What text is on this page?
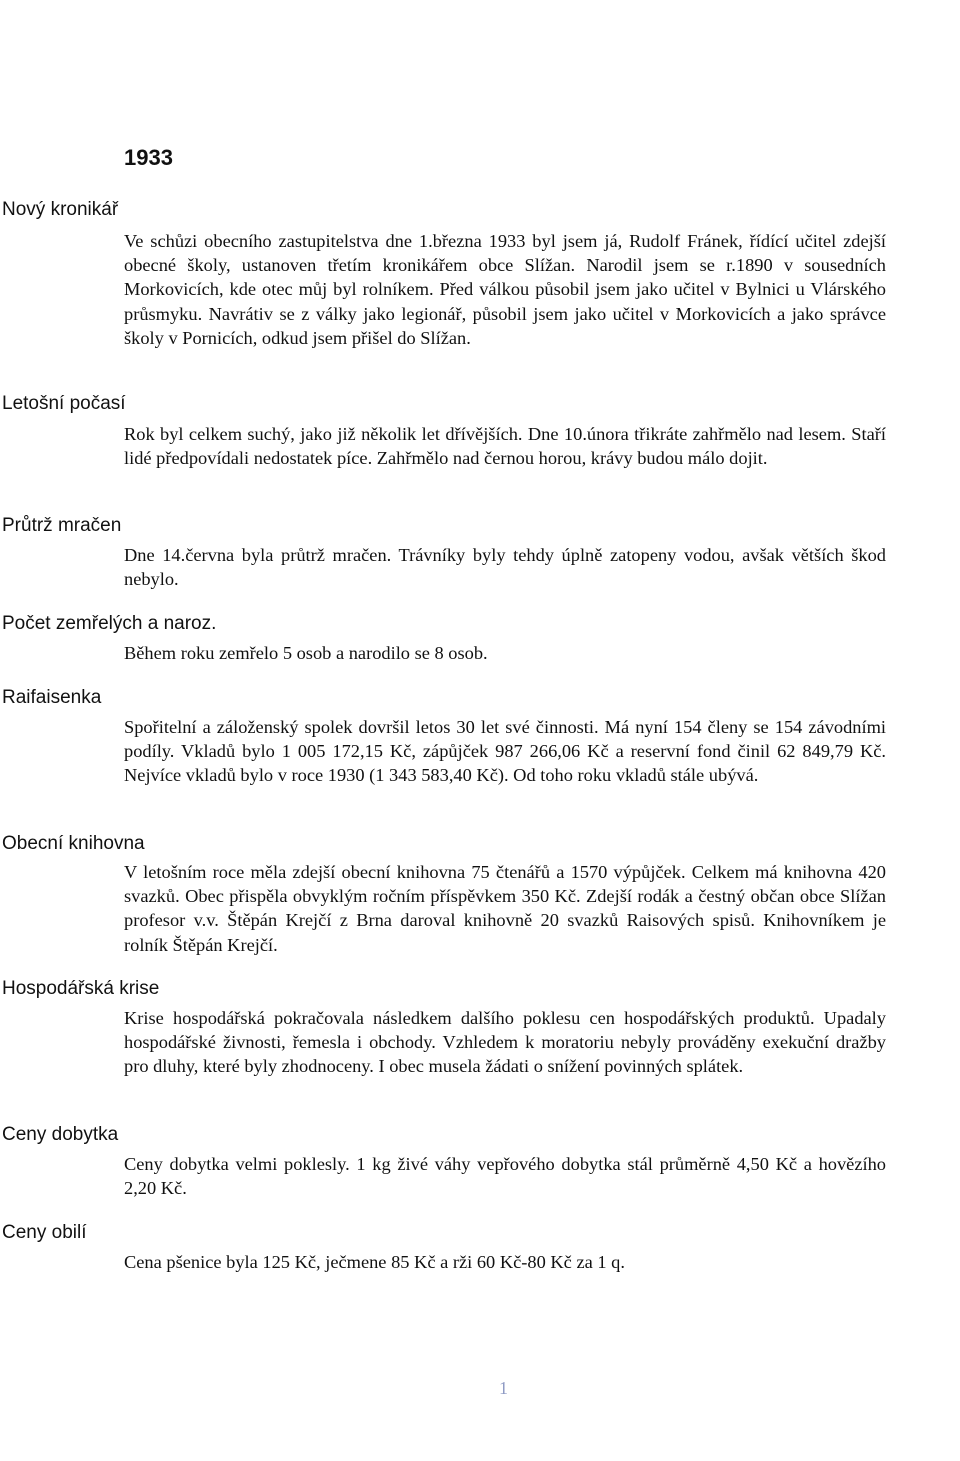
1933
Nový kronikář

Ve schůzi obecního zastupitelstva dne 1.března 1933 byl jsem já, Rudolf Fránek, řídící učitel zdejší obecné školy, ustanoven třetím kronikářem obce Slížan. Narodil jsem se r.1890 v sousedních Morkovicích, kde otec můj byl rolníkem. Před válkou působil jsem jako učitel v Bylnici u Vlárského průsmyku. Navrátiv se z války jako legionář, působil jsem jako učitel v Morkovicích a jako správce školy v Pornicích, odkud jsem přišel do Slížan.

Letošní počasí

Rok byl celkem suchý, jako již několik let dřívějších. Dne 10.února třikráte zahřmělo nad lesem. Staří lidé předpovídali nedostatek píce. Zahřmělo nad černou horou, krávy budou málo dojit.

Průtrž mračen

Dne 14.června byla průtrž mračen. Trávníky byly tehdy úplně zatopeny vodou, avšak větších škod nebylo.

Počet zemřelých a naroz.

Během roku zemřelo 5 osob a narodilo se 8 osob.

Raifaisenka

Spořitelní a záloženský spolek dovršil letos 30 let své činnosti. Má nyní 154 členy se 154 závodními podíly. Vkladů bylo 1 005 172,15 Kč, zápůjček 987 266,06 Kč a reservní fond činil 62 849,79 Kč. Nejvíce vkladů bylo v roce 1930 (1 343 583,40 Kč). Od toho roku vkladů stále ubývá.

Obecní knihovna

V letošním roce měla zdejší obecní knihovna 75 čtenářů a 1570 výpůjček. Celkem má knihovna 420 svazků. Obec přispěla obvyklým ročním příspěvkem 350 Kč. Zdejší rodák a čestný občan obce Slížan profesor v.v. Štěpán Krejčí z Brna daroval knihovně 20 svazků Raisových spisů. Knihovníkem je rolník Štěpán Krejčí.

Hospodářská krise

Krise hospodářská pokračovala následkem dalšího poklesu cen hospodářských produktů. Upadaly hospodářské živnosti, řemesla i obchody. Vzhledem k moratoriu nebyly prováděny exekuční dražby pro dluhy, které byly zhodnoceny. I obec musela žádati o snížení povinných splátek.

Ceny dobytka

Ceny dobytka velmi poklesly. 1 kg živé váhy vepřového dobytka stál průměrně 4,50 Kč a hovězího 2,20 Kč.

Ceny obilí

Cena pšenice byla 125 Kč, ječmene 85 Kč a rži 60 Kč-80 Kč za 1 q.

1
